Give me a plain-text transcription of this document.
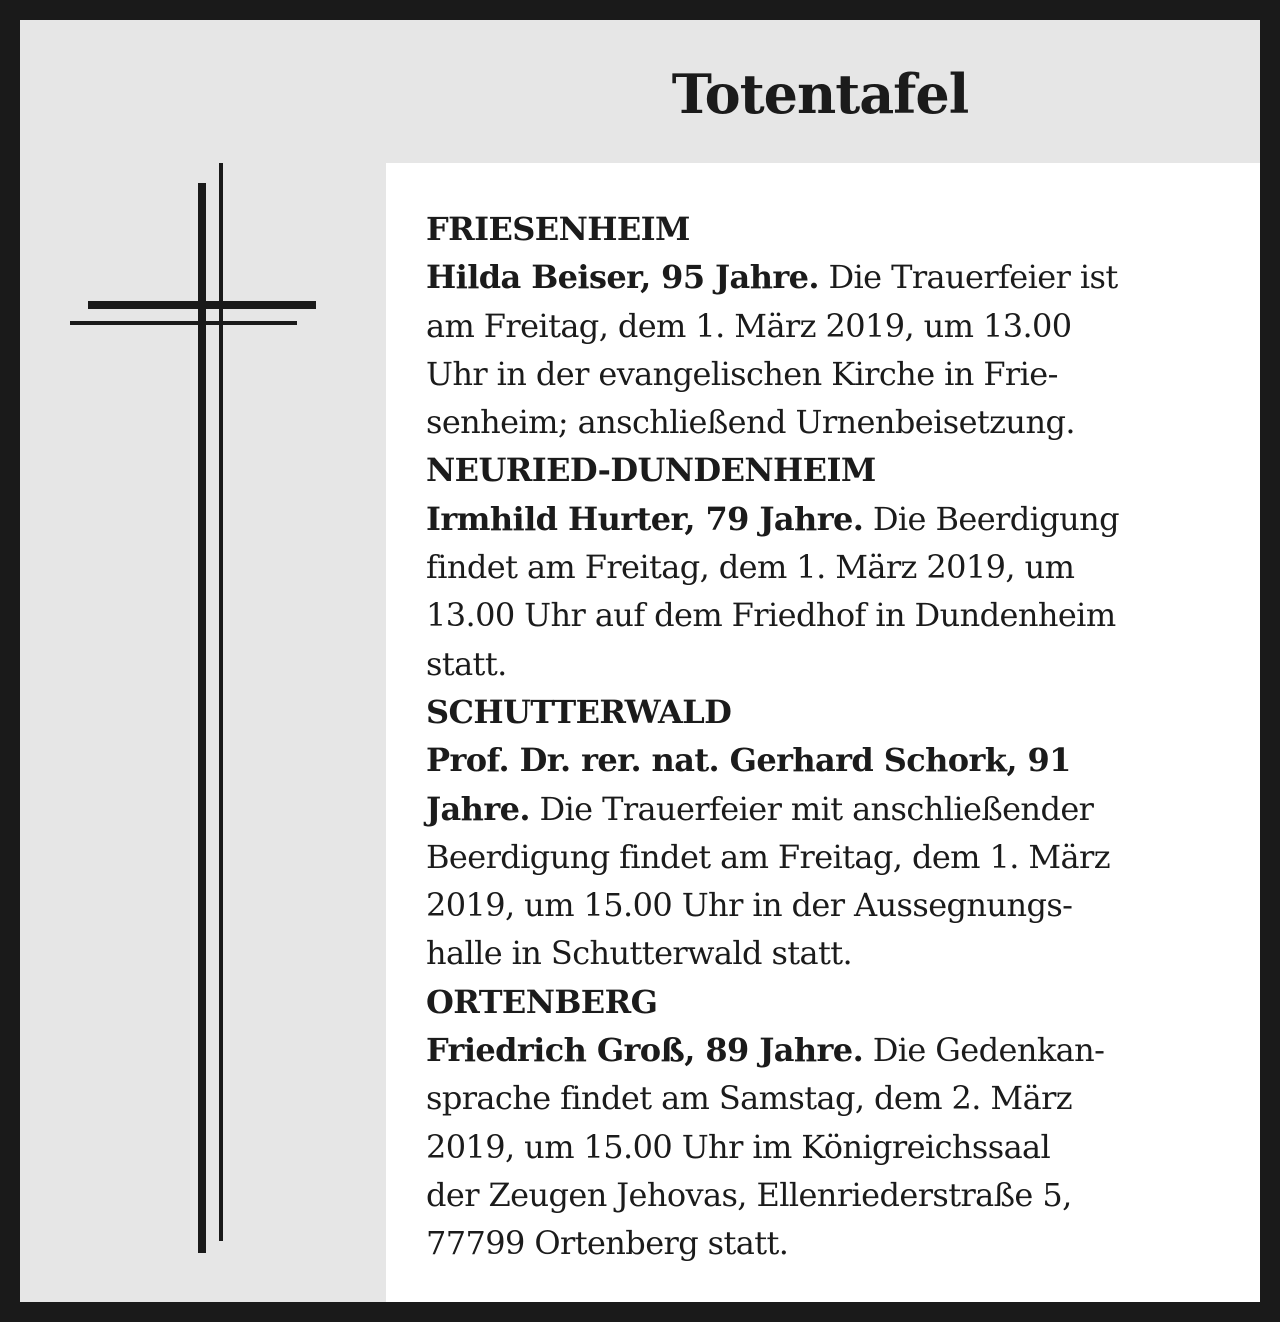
Totentafel
FRIESENHEIM
Hilda Beiser, 95 Jahre. Die Trauerfeier ist
am Freitag, dem 1. März 2019, um 13.00
Uhr in der evangelischen Kirche in Frie-
senheim; anschließend Urnenbeisetzung.
NEURIED-DUNDENHEIM
Irmhild Hurter, 79 Jahre. Die Beerdigung
findet am Freitag, dem 1. März 2019, um
13.00 Uhr auf dem Friedhof in Dundenheim
statt.
SCHUTTERWALD
Prof. Dr. rer. nat. Gerhard Schork, 91
Jahre. Die Trauerfeier mit anschließender
Beerdigung findet am Freitag, dem 1. März
2019, um 15.00 Uhr in der Aussegnungs-
halle in Schutterwald statt.
ORTENBERG
Friedrich Groß, 89 Jahre. Die Gedenkan-
sprache findet am Samstag, dem 2. März
2019, um 15.00 Uhr im Königreichssaal
der Zeugen Jehovas, Ellenriederstraße 5,
77799 Ortenberg statt.
